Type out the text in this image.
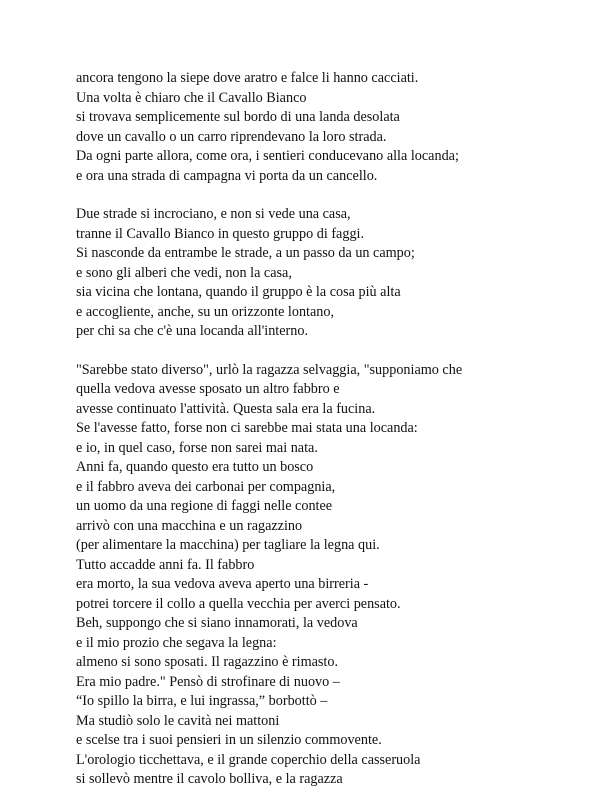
ancora tengono la siepe dove aratro e falce li hanno cacciati.
Una volta è chiaro che il Cavallo Bianco
si trovava semplicemente sul bordo di una landa desolata
dove un cavallo o un carro riprendevano la loro strada.
Da ogni parte allora, come ora, i sentieri conducevano alla locanda;
e ora una strada di campagna vi porta da un cancello.
Due strade si incrociano, e non si vede una casa,
tranne il Cavallo Bianco in questo gruppo di faggi.
Si nasconde da entrambe le strade, a un passo da un campo;
e sono gli alberi che vedi, non la casa,
sia vicina che lontana, quando il gruppo è la cosa più alta
e accogliente, anche, su un orizzonte lontano,
per chi sa che c'è una locanda all'interno.
"Sarebbe stato diverso", urlò la ragazza selvaggia, "supponiamo che
quella vedova avesse sposato un altro fabbro e
avesse continuato l'attività. Questa sala era la fucina.
Se l'avesse fatto, forse non ci sarebbe mai stata una locanda:
e io, in quel caso, forse non sarei mai nata.
Anni fa, quando questo era tutto un bosco
e il fabbro aveva dei carbonai per compagnia,
un uomo da una regione di faggi nelle contee
arrivò con una macchina e un ragazzino
(per alimentare la macchina) per tagliare la legna qui.
Tutto accadde anni fa. Il fabbro
era morto, la sua vedova aveva aperto una birreria -
potrei torcere il collo a quella vecchia per averci pensato.
Beh, suppongo che si siano innamorati, la vedova
e il mio prozio che segava la legna:
almeno si sono sposati. Il ragazzino è rimasto.
Era mio padre." Pensò di strofinare di nuovo –
“Io spillo la birra, e lui ingrassa,” borbottò –
Ma studiò solo le cavità nei mattoni
e scelse tra i suoi pensieri in un silenzio commovente.
L'orologio ticchettava, e il grande coperchio della casseruola
si sollevò mentre il cavolo bolliva, e la ragazza
